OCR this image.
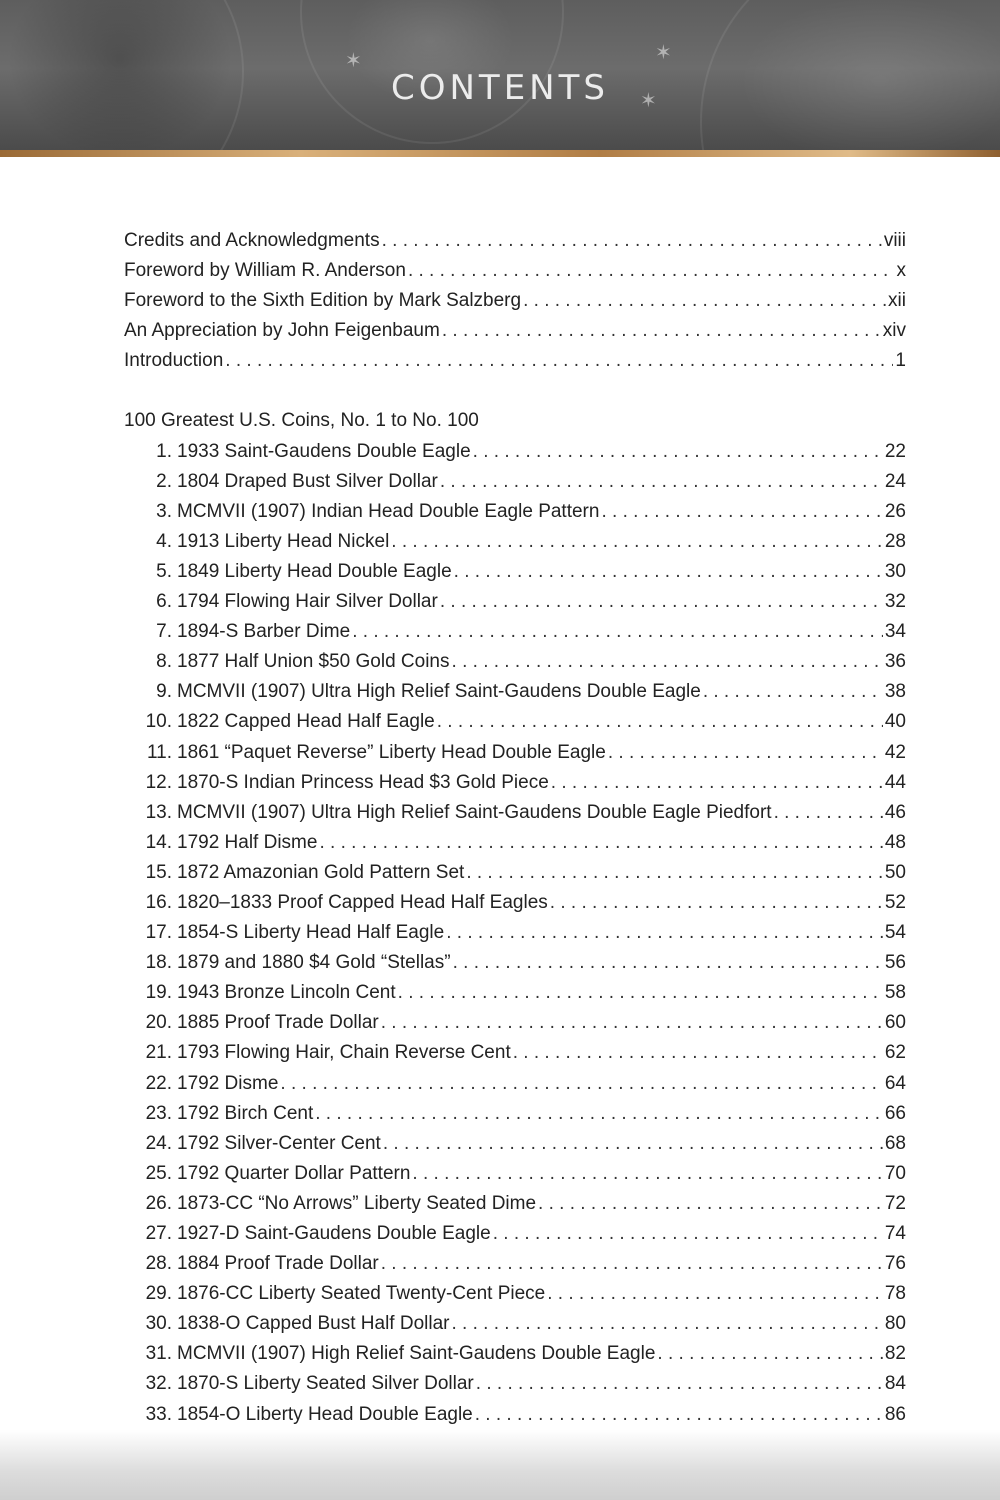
✶
✶
✶
CONTENTS
Credits and Acknowledgments . . .	viii
Foreword by William R. Anderson . . .	x
Foreword to the Sixth Edition by Mark Salzberg . . .	xii
An Appreciation by John Feigenbaum . . .	xiv
Introduction . . .	1
100 Greatest U.S. Coins, No. 1 to No. 100
1. 1933 Saint-Gaudens Double Eagle . . .	22
2. 1804 Draped Bust Silver Dollar . . .	24
3. MCMVII (1907) Indian Head Double Eagle Pattern . . .	26
4. 1913 Liberty Head Nickel . . .	28
5. 1849 Liberty Head Double Eagle . . .	30
6. 1794 Flowing Hair Silver Dollar . . .	32
7. 1894-S Barber Dime . . .	34
8. 1877 Half Union $50 Gold Coins . . .	36
9. MCMVII (1907) Ultra High Relief Saint-Gaudens Double Eagle . . .	38
10. 1822 Capped Head Half Eagle . . .	40
11. 1861 “Paquet Reverse” Liberty Head Double Eagle . . .	42
12. 1870-S Indian Princess Head $3 Gold Piece . . .	44
13. MCMVII (1907) Ultra High Relief Saint-Gaudens Double Eagle Piedfort . . .	46
14. 1792 Half Disme . . .	48
15. 1872 Amazonian Gold Pattern Set . . .	50
16. 1820–1833 Proof Capped Head Half Eagles . . .	52
17. 1854-S Liberty Head Half Eagle . . .	54
18. 1879 and 1880 $4 Gold “Stellas” . . .	56
19. 1943 Bronze Lincoln Cent . . .	58
20. 1885 Proof Trade Dollar . . .	60
21. 1793 Flowing Hair, Chain Reverse Cent . . .	62
22. 1792 Disme . . .	64
23. 1792 Birch Cent . . .	66
24. 1792 Silver-Center Cent . . .	68
25. 1792 Quarter Dollar Pattern . . .	70
26. 1873-CC “No Arrows” Liberty Seated Dime . . .	72
27. 1927-D Saint-Gaudens Double Eagle . . .	74
28. 1884 Proof Trade Dollar . . .	76
29. 1876-CC Liberty Seated Twenty-Cent Piece . . .	78
30. 1838-O Capped Bust Half Dollar . . .	80
31. MCMVII (1907) High Relief Saint-Gaudens Double Eagle . . .	82
32. 1870-S Liberty Seated Silver Dollar . . .	84
33. 1854-O Liberty Head Double Eagle . . .	86
